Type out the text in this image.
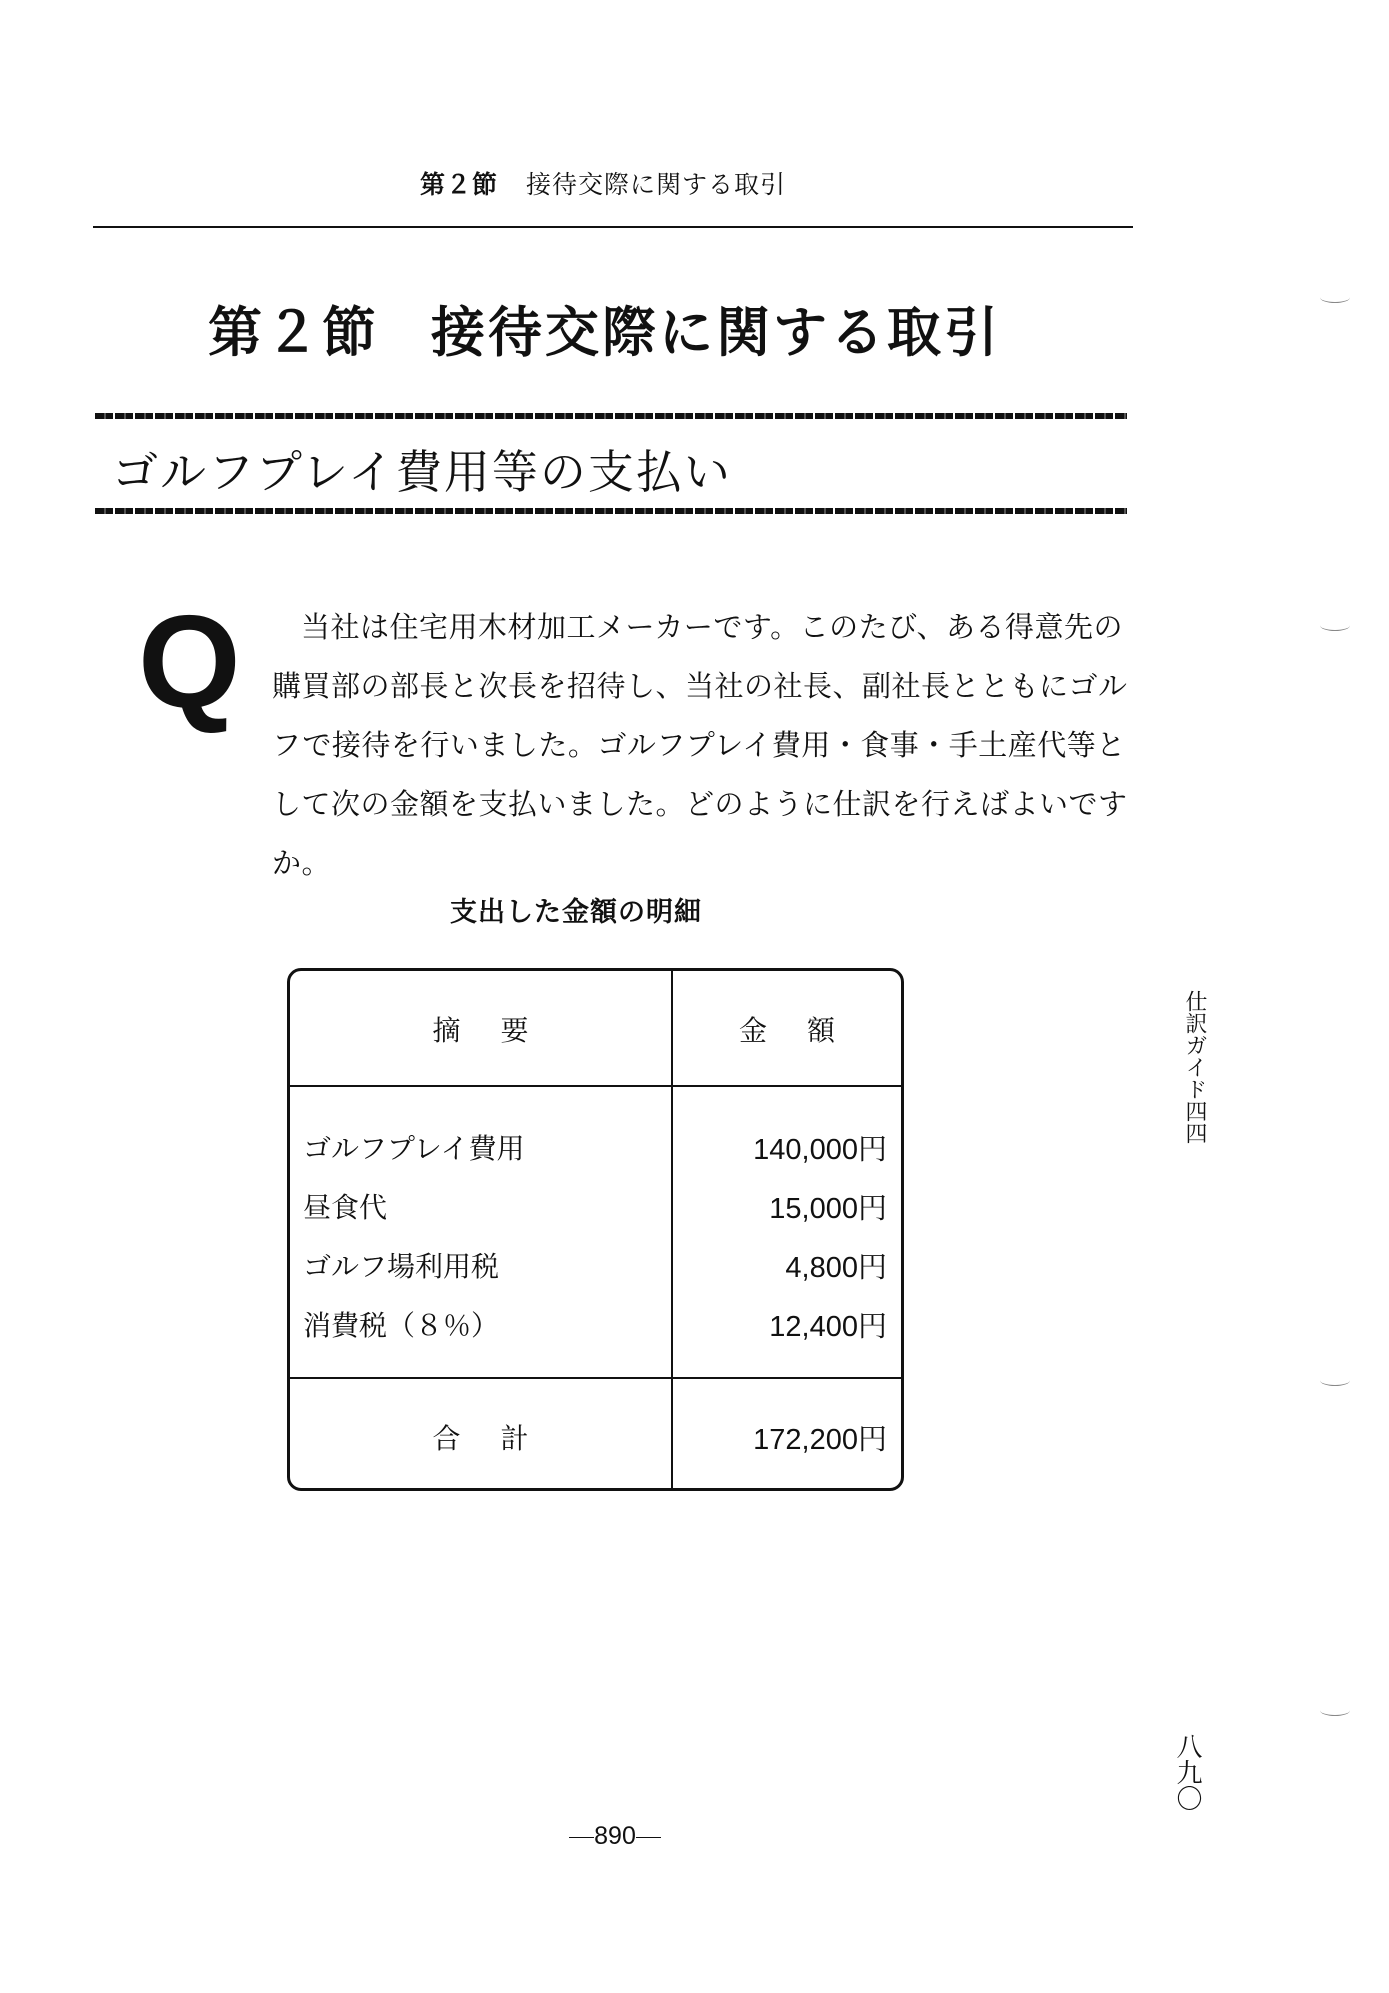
第２節 接待交際に関する取引
第２節 接待交際に関する取引
ゴルフプレイ費用等の支払い
Q	当社は住宅用木材加工メーカーです。このたび、ある得意先の購買部の部長と次長を招待し、当社の社長、副社長とともにゴルフで接待を行いました。ゴルフプレイ費用・食事・手土産代等として次の金額を支払いました。どのように仕訳を行えばよいですか。

支出した金額の明細
摘要	金額
ゴルフプレイ費用	140,000円
昼食代	15,000円
ゴルフ場利用税	4,800円
消費税（８％）	12,400円
合計	172,200円
仕訳ガイド四四
八九〇
890
